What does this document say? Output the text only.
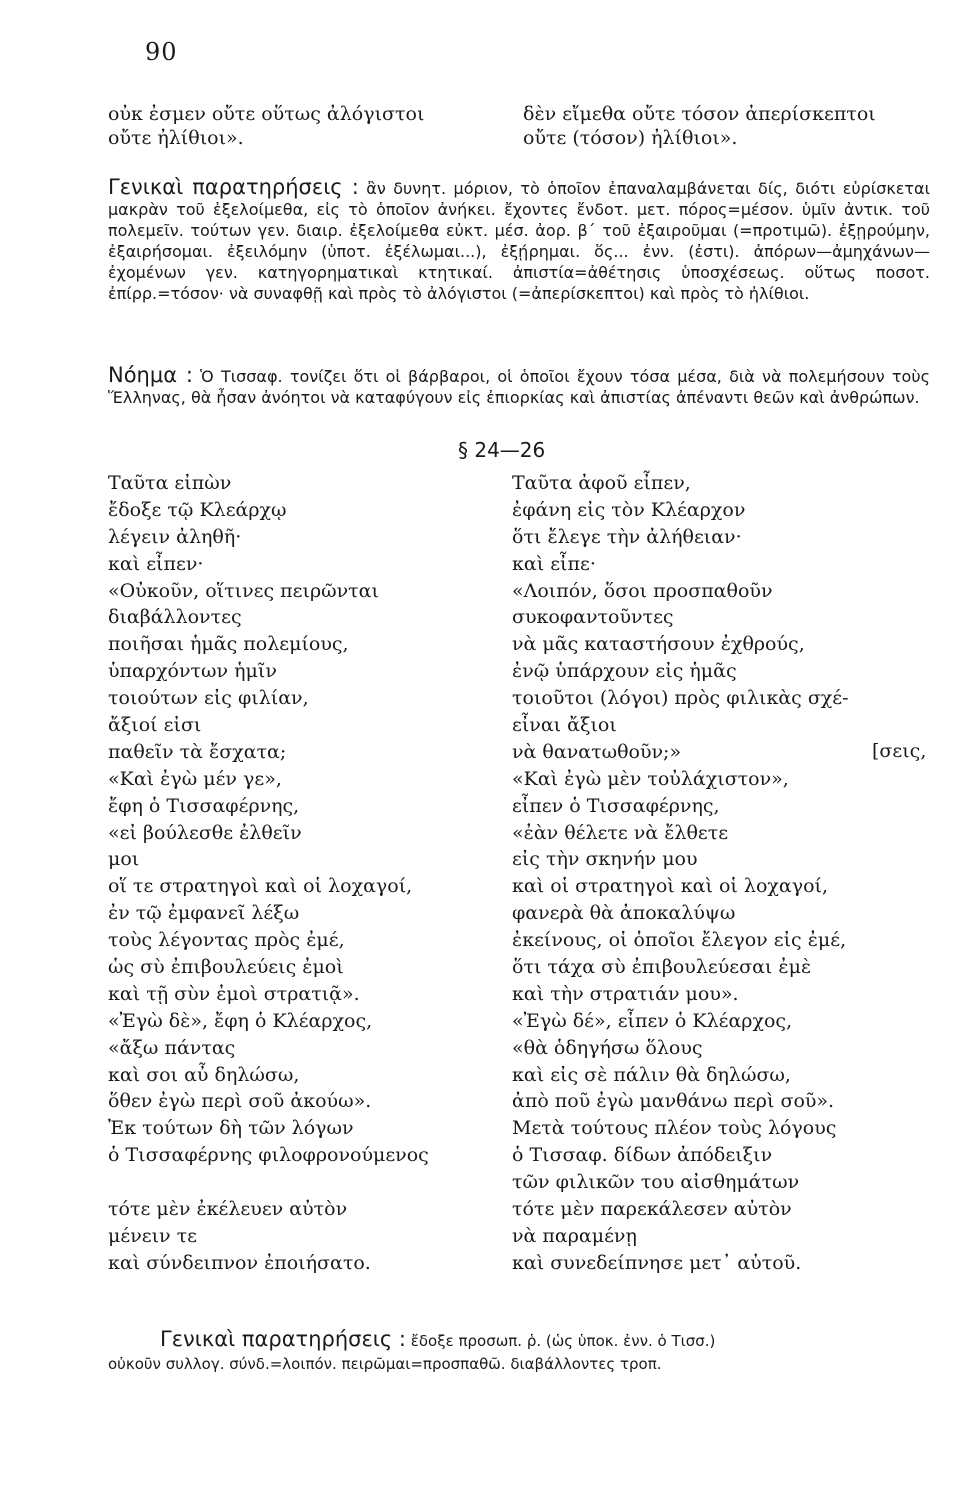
90
οὐκ ἐσμεν οὔτε οὕτως ἀλόγιστοι
οὔτε ἠλίθιοι».
δὲν εἴμεθα οὔτε τόσον ἀπερίσκεπτοι
οὔτε (τόσον) ἠλίθιοι».
Γενικαὶ παρατηρήσεις : ἂν δυνητ. μόριον, τὸ ὁποῖον ἐπαναλαμβάνεται δίς, διότι εὑρίσκεται μακρὰν τοῦ ἐξελοίμεθα, εἰς τὸ ὁποῖον ἀνήκει. ἔχοντες ἔνδοτ. μετ. πόρος=μέσον. ὑμῖν ἀντικ. τοῦ πολεμεῖν. τούτων γεν. διαιρ. ἐξελοίμεθα εὐκτ. μέσ. ἀορ. β΄ τοῦ ἐξαιροῦμαι (=προτιμῶ). ἐξῃρούμην, ἐξαιρήσομαι. ἐξειλόμην (ὑποτ. ἐξέλωμαι...), ἐξῄρημαι. ὅς... ἐνν. (ἐστι). ἀπόρων—ἀμηχάνων—ἐχομένων γεν. κατηγορηματικαὶ κτητικαί. ἀπιστία=ἀθέτησις ὑποσχέσεως. οὕτως ποσοτ. ἐπίρρ.=τόσον· νὰ συναφθῇ καὶ πρὸς τὸ ἀλόγιστοι (=ἀπερίσκεπτοι) καὶ πρὸς τὸ ἠλίθιοι.
Νόημα : Ὁ Τισσαφ. τονίζει ὅτι οἱ βάρβαροι, οἱ ὁποῖοι ἔχουν τόσα μέσα, διὰ νὰ πολεμήσουν τοὺς Ἕλληνας, θὰ ἦσαν ἀνόητοι νὰ καταφύγουν εἰς ἐπιορκίας καὶ ἀπιστίας ἀπέναντι θεῶν καὶ ἀνθρώπων.
§ 24—26
Ταῦτα εἰπὼν
ἔδοξε τῷ Κλεάρχῳ
λέγειν ἀληθῆ·
καὶ εἶπεν·
«Οὐκοῦν, οἵτινες πειρῶνται
διαβάλλοντες
ποιῆσαι ἡμᾶς πολεμίους,
ὑπαρχόντων ἡμῖν
τοιούτων εἰς φιλίαν,
ἄξιοί εἰσι
παθεῖν τὰ ἔσχατα;
«Καὶ ἐγὼ μέν γε»,
ἔφη ὁ Τισσαφέρνης,
«εἰ βούλεσθε ἐλθεῖν
μοι
οἵ τε στρατηγοὶ καὶ οἱ λοχαγοί,
ἐν τῷ ἐμφανεῖ λέξω
τοὺς λέγοντας πρὸς ἐμέ,
ὡς σὺ ἐπιβουλεύεις ἐμοὶ
καὶ τῇ σὺν ἐμοὶ στρατιᾷ».
«Ἐγὼ δὲ», ἔφη ὁ Κλέαρχος,
«ἄξω πάντας
καὶ σοι αὖ δηλώσω,
ὅθεν ἐγὼ περὶ σοῦ ἀκούω».
Ἐκ τούτων δὴ τῶν λόγων
ὁ Τισσαφέρνης φιλοφρονούμενος
τότε μὲν ἐκέλευεν αὐτὸν
μένειν τε
καὶ σύνδειπνον ἐποιήσατο.
Ταῦτα ἀφοῦ εἶπεν,
ἐφάνη εἰς τὸν Κλέαρχον
ὅτι ἔλεγε τὴν ἀλήθειαν·
καὶ εἶπε·
«Λοιπόν, ὅσοι προσπαθοῦν
συκοφαντοῦντες
νὰ μᾶς καταστήσουν ἐχθρούς,
ἐνῷ ὑπάρχουν εἰς ἡμᾶς
τοιοῦτοι (λόγοι) πρὸς φιλικὰς σχέ-
εἶναι ἄξιοι
νὰ θανατωθοῦν;»
«Καὶ ἐγὼ μὲν τοὐλάχιστον»,
εἶπεν ὁ Τισσαφέρνης,
«ἐὰν θέλετε νὰ ἔλθετε
εἰς τὴν σκηνήν μου
καὶ οἱ στρατηγοὶ καὶ οἱ λοχαγοί,
φανερὰ θὰ ἀποκαλύψω
ἐκείνους, οἱ ὁποῖοι ἔλεγον εἰς ἐμέ,
ὅτι τάχα σὺ ἐπιβουλεύεσαι ἐμὲ
καὶ τὴν στρατιάν μου».
«Ἐγὼ δέ», εἶπεν ὁ Κλέαρχος,
«θὰ ὁδηγήσω ὅλους
καὶ εἰς σὲ πάλιν θὰ δηλώσω,
ἀπὸ ποῦ ἐγὼ μανθάνω περὶ σοῦ».
Μετὰ τούτους πλέον τοὺς λόγους
ὁ Τισσαφ. δίδων ἀπόδειξιν
τῶν φιλικῶν του αἰσθημάτων
τότε μὲν παρεκάλεσεν αὐτὸν
νὰ παραμένῃ
καὶ συνεδείπνησε μετ᾽ αὐτοῦ.
[σεις,
Γενικαὶ παρατηρήσεις : ἔδοξε προσωπ. ῥ. (ὡς ὑποκ. ἐνν. ὁ Τισσ.)
οὐκοῦν συλλογ. σύνδ.=λοιπόν. πειρῶμαι=προσπαθῶ. διαβάλλοντες τροπ.
